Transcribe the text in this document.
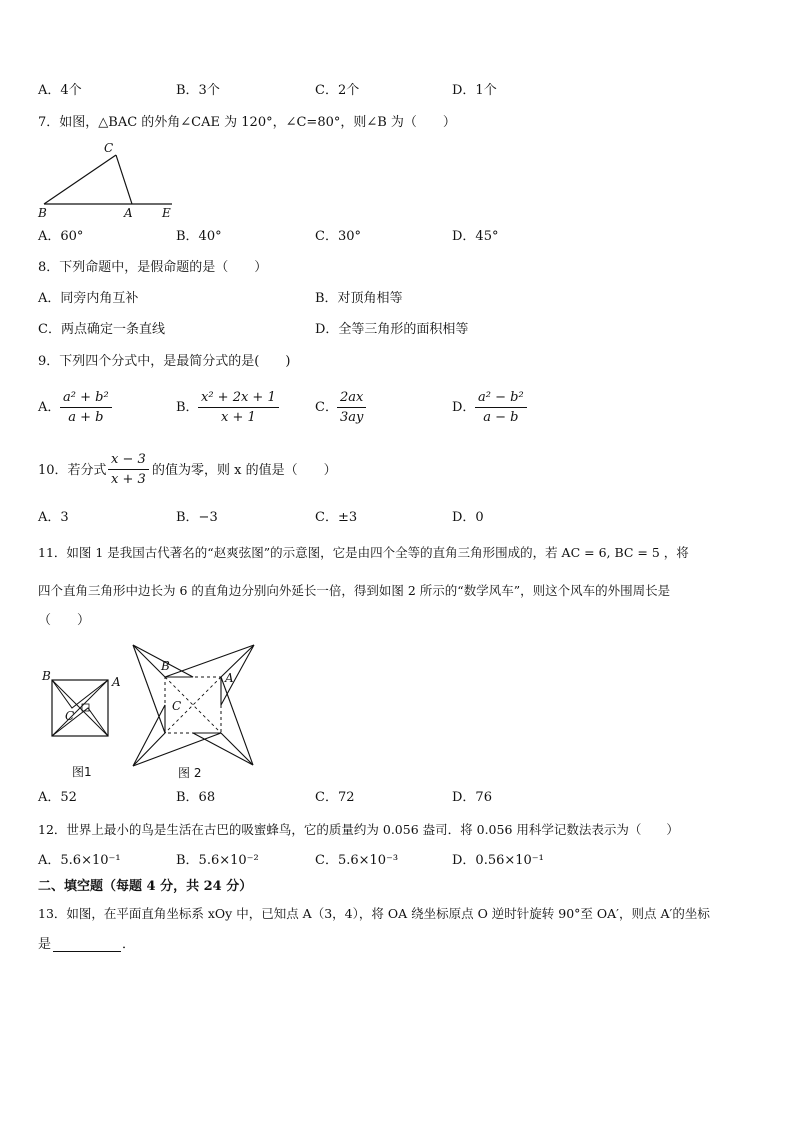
A．4个	B．3个	C．2个	D．1个
7．如图，△BAC 的外角∠CAE 为 120°，∠C=80°，则∠B 为（　　）
C
B	A E
A．60°	B．40°	C．30°	D．45°
8．下列命题中，是假命题的是（　　）
A．同旁内角互补	B．对顶角相等
C．两点确定一条直线	D．全等三角形的面积相等
9．下列四个分式中，是最简分式的是(　　)
A． $\frac{\text{a² + b²}}{a + b}$	B． $\frac{\text{x² + 2x + 1}}{x + 1}$	C． $\frac{2ax}{3ay}$	D． $\frac{\text{a² − b²}}{a - b}$
10．若分式 $\frac{x - 3}{x + 3}$ 的值为零，则 x 的值是（　　）
A．3	B．−3	C．±3	D．0
11．如图 1 是我国古代著名的“赵爽弦图”的示意图，它是由四个全等的直角三角形围成的，若 AC = 6, BC = 5 ，将
四个直角三角形中边长为 6 的直角边分别向外延长一倍，得到如图 2 所示的“数学风车”，则这个风车的外围周长是
（　　）
B	A
C
图1
B
A
C
图 2
A．52	B．68	C．72	D．76
12．世界上最小的鸟是生活在古巴的吸蜜蜂鸟，它的质量约为 0.056 盎司．将 0.056 用科学记数法表示为（　　）
A．5.6×10⁻¹	B．5.6×10⁻²	C．5.6×10⁻³	D．0.56×10⁻¹
二、填空题（每题 4 分，共 24 分）
13．如图，在平面直角坐标系 xOy 中，已知点 A（3，4），将 OA 绕坐标原点 O 逆时针旋转 90°至 OA′，则点 A′的坐标
是	．
